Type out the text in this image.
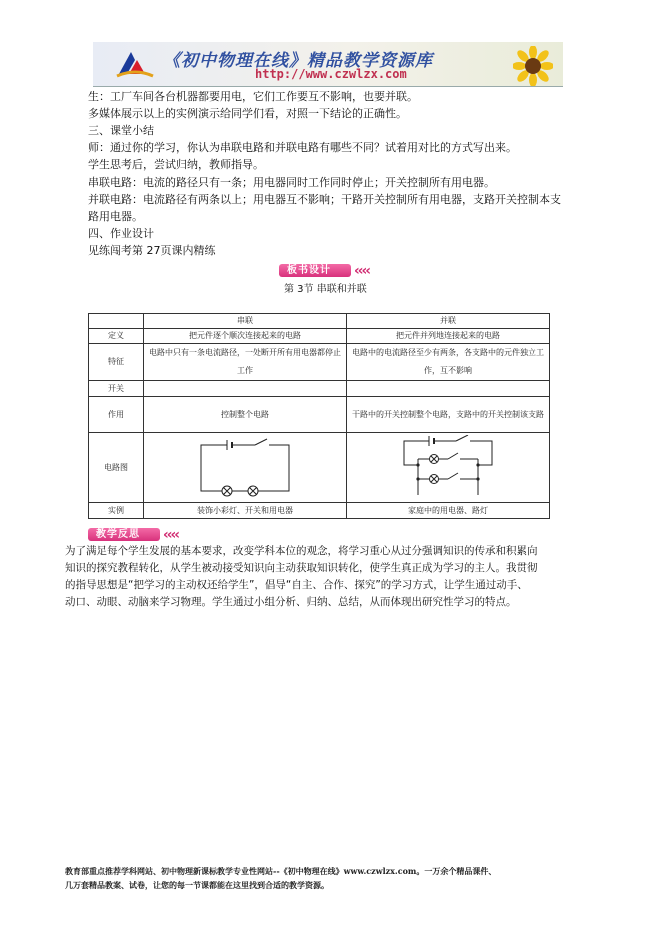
《初中物理在线》精品教学资源库
http://www.czwlzx.com
生：工厂车间各台机器都要用电，它们工作要互不影响，也要并联。
多媒体展示以上的实例演示给同学们看，对照一下结论的正确性。
三、课堂小结
师：通过你的学习，你认为串联电路和并联电路有哪些不同？试着用对比的方式写出来。
学生思考后，尝试归纳，教师指导。
串联电路：电流的路径只有一条；用电器同时工作同时停止；开关控制所有用电器。
并联电路：电流路径有两条以上；用电器互不影响；干路开关控制所有用电器，支路开关控制本支
路用电器。
四、作业设计
见练闯考第 27页课内精练
板书设计	‹‹‹‹
第 3节 串联和并联
	串联	并联
定义	把元件逐个顺次连接起来的电路	把元件并列地连接起来的电路
特征	电路中只有一条电流路径，一处断开所有用电器都停止工作	电路中的电流路径至少有两条，各支路中的元件独立工作，互不影响
开关		
作用	控制整个电路	干路中的开关控制整个电路，支路中的开关控制该支路
电路图	

实例	装饰小彩灯、开关和用电器	家庭中的用电器、路灯
教学反思	‹‹‹‹
为了满足每个学生发展的基本要求，改变学科本位的观念，将学习重心从过分强调知识的传承和积累向
知识的探究教程转化，从学生被动接受知识向主动获取知识转化，使学生真正成为学习的主人。我贯彻
的指导思想是“把学习的主动权还给学生”，倡导“自主、合作、探究”的学习方式，让学生通过动手、
动口、动眼、动脑来学习物理。学生通过小组分析、归纳、总结，从而体现出研究性学习的特点。
教育部重点推荐学科网站、初中物理新课标教学专业性网站--《初中物理在线》www.czwlzx.com。一万余个精品课件、
几万套精品教案、试卷，让您的每一节课都能在这里找到合适的教学资源。
